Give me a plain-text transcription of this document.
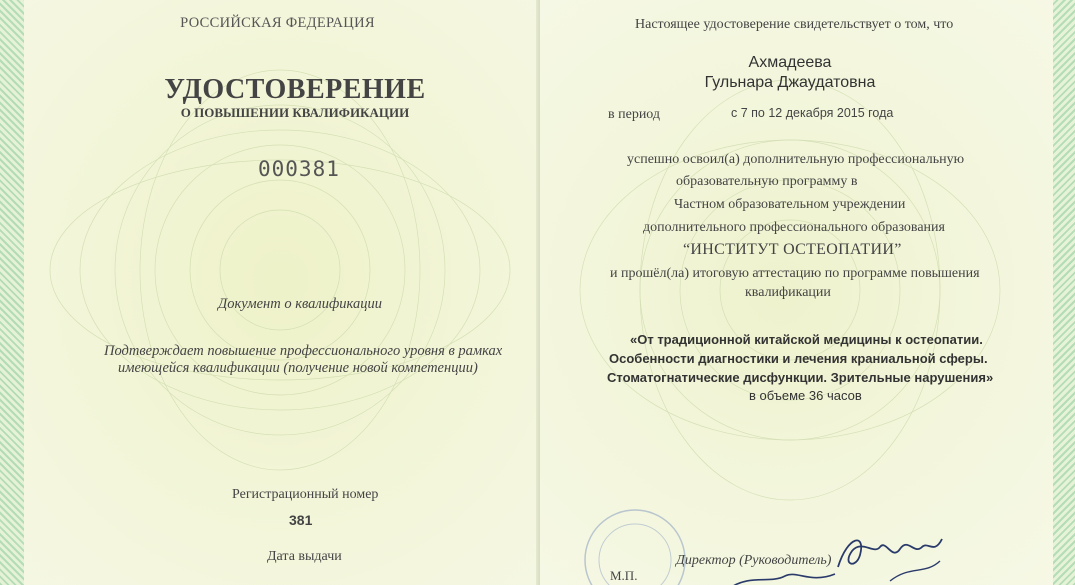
РОССИЙСКАЯ ФЕДЕРАЦИЯ
УДОСТОВЕРЕНИЕ
О ПОВЫШЕНИИ КВАЛИФИКАЦИИ
000381
Документ о квалификации
Подтверждает повышение профессионального уровня в рамках
имеющейся квалификации (получение новой компетенции)
Регистрационный номер
381
Дата выдачи
Настоящее удостоверение свидетельствует о том, что
Ахмадеева
Гульнара Джаудатовна
в период	с 7 по 12 декабря 2015 года
успешно освоил(а) дополнительную профессиональную
образовательную программу в
Частном образовательном учреждении
дополнительного профессионального образования
“ИНСТИТУТ ОСТЕОПАТИИ”
и прошёл(ла) итоговую аттестацию по программе повышения
квалификации
«От традиционной китайской медицины к остеопатии.
Особенности диагностики и лечения краниальной сферы.
Стоматогнатические дисфункции. Зрительные нарушения»
в объеме 36 часов
Директор (Руководитель)
М.П.
